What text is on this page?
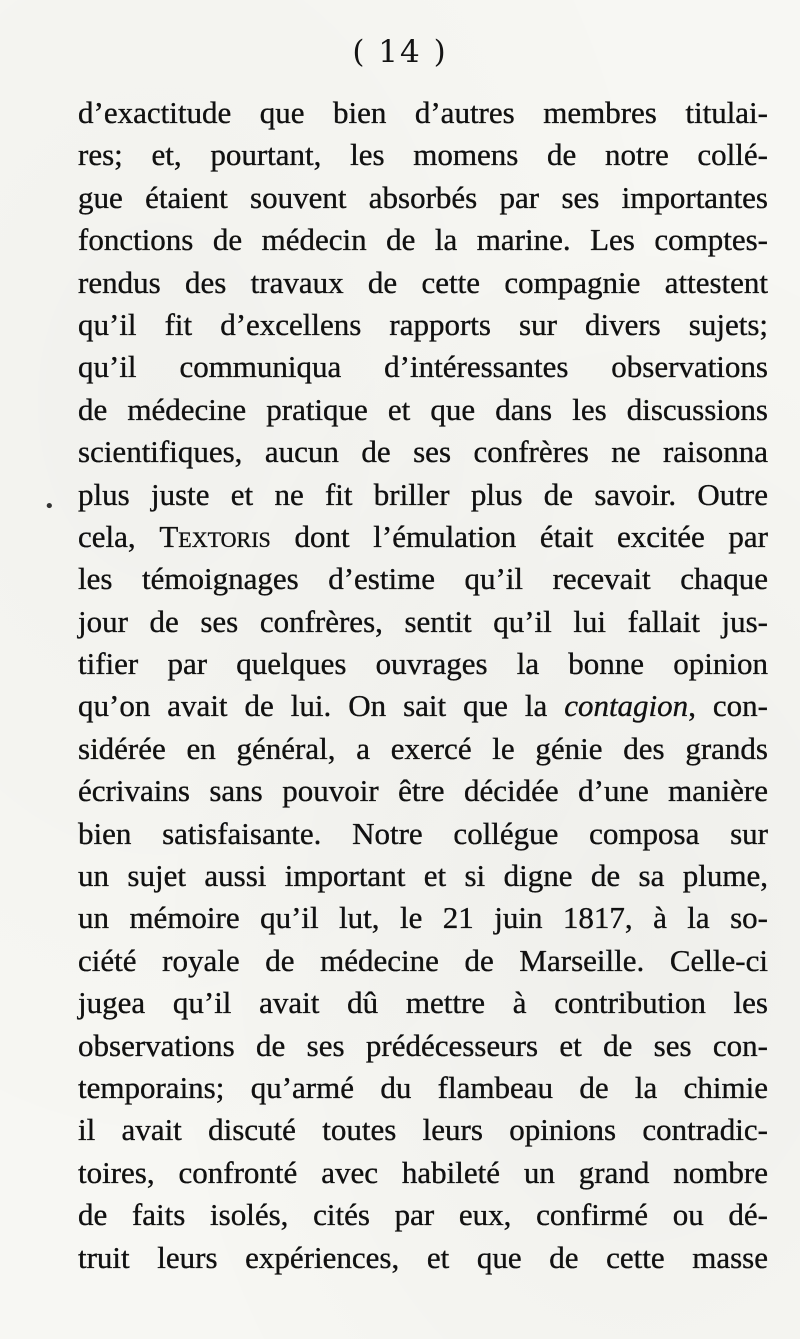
( 14 )
d’exactitude que bien d’autres membres titulai-
res; et, pourtant, les momens de notre collé-
gue étaient souvent absorbés par ses importantes
fonctions de médecin de la marine. Les comptes-
rendus des travaux de cette compagnie attestent
qu’il fit d’excellens rapports sur divers sujets;
qu’il communiqua d’intéressantes observations
de médecine pratique et que dans les discussions
scientifiques, aucun de ses confrères ne raisonna
plus juste et ne fit briller plus de savoir. Outre
cela, Textoris dont l’émulation était excitée par
les témoignages d’estime qu’il recevait chaque
jour de ses confrères, sentit qu’il lui fallait jus-
tifier par quelques ouvrages la bonne opinion
qu’on avait de lui. On sait que la contagion, con-
sidérée en général, a exercé le génie des grands
écrivains sans pouvoir être décidée d’une manière
bien satisfaisante. Notre collégue composa sur
un sujet aussi important et si digne de sa plume,
un mémoire qu’il lut, le 21 juin 1817, à la so-
ciété royale de médecine de Marseille. Celle-ci
jugea qu’il avait dû mettre à contribution les
observations de ses prédécesseurs et de ses con-
temporains; qu’armé du flambeau de la chimie
il avait discuté toutes leurs opinions contradic-
toires, confronté avec habileté un grand nombre
de faits isolés, cités par eux, confirmé ou dé-
truit leurs expériences, et que de cette masse
•
